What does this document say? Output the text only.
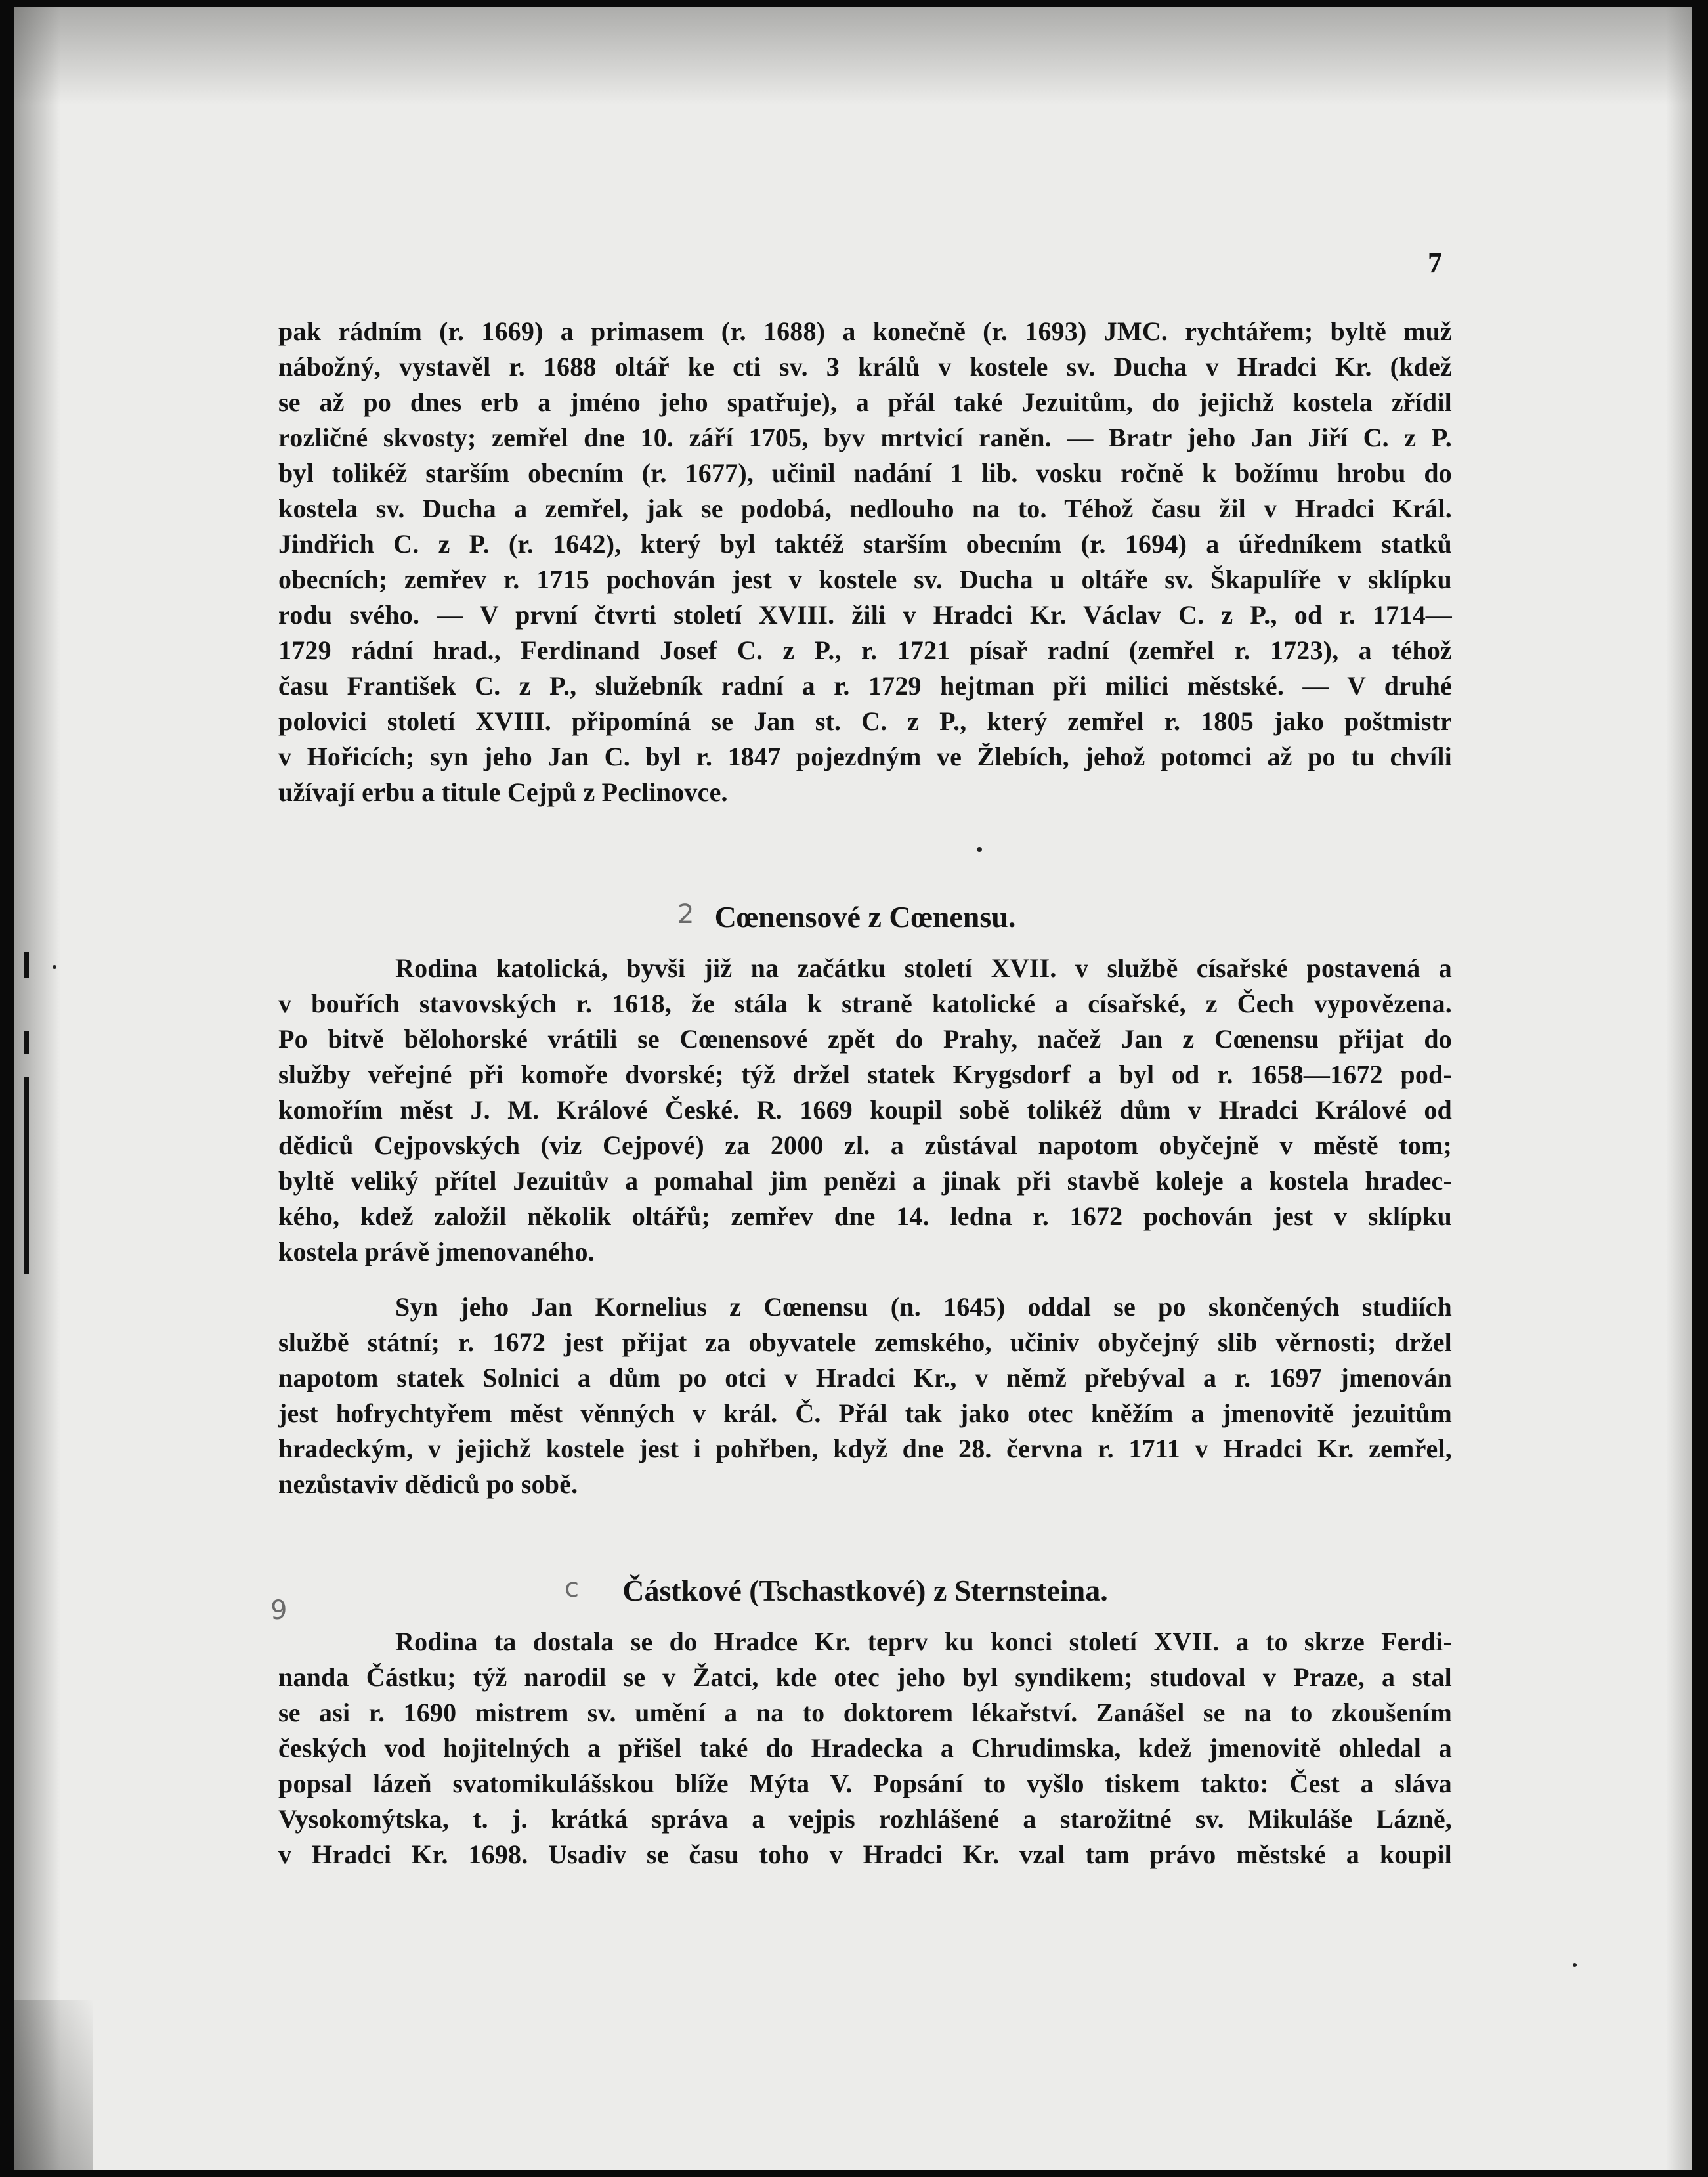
7
pak rádním (r. 1669) a primasem (r. 1688) a konečně (r. 1693) JMC. rychtářem; byltě muž
nábožný, vystavěl r. 1688 oltář ke cti sv. 3 králů v kostele sv. Ducha v Hradci Kr. (kdež
se až po dnes erb a jméno jeho spatřuje), a přál také Jezuitům, do jejichž kostela zřídil
rozličné skvosty; zemřel dne 10. září 1705, byv mrtvicí raněn. — Bratr jeho Jan Jiří C. z P.
byl tolikéž starším obecním (r. 1677), učinil nadání 1 lib. vosku ročně k božímu hrobu do
kostela sv. Ducha a zemřel, jak se podobá, nedlouho na to. Téhož času žil v Hradci Král.
Jindřich C. z P. (r. 1642), který byl taktéž starším obecním (r. 1694) a úředníkem statků
obecních; zemřev r. 1715 pochován jest v kostele sv. Ducha u oltáře sv. Škapulíře v sklípku
rodu svého. — V první čtvrti století XVIII. žili v Hradci Kr. Václav C. z P., od r. 1714—
1729 rádní hrad., Ferdinand Josef C. z P., r. 1721 písař radní (zemřel r. 1723), a téhož
času František C. z P., služebník radní a r. 1729 hejtman při milici městské. — V druhé
polovici století XVIII. připomíná se Jan st. C. z P., který zemřel r. 1805 jako poštmistr
v Hořicích; syn jeho Jan C. byl r. 1847 pojezdným ve Žlebích, jehož potomci až po tu chvíli
užívají erbu a titule Cejpů z Peclinovce.
2 Cœnensové z Cœnensu.
Rodina katolická, byvši již na začátku století XVII. v službě císařské postavená a
v bouřích stavovských r. 1618, že stála k straně katolické a císařské, z Čech vypovězena.
Po bitvě bělohorské vrátili se Cœnensové zpět do Prahy, načež Jan z Cœnensu přijat do
služby veřejné při komoře dvorské; týž držel statek Krygsdorf a byl od r. 1658—1672 pod-
komořím měst J. M. Králové České. R. 1669 koupil sobě tolikéž dům v Hradci Králové od
dědiců Cejpovských (viz Cejpové) za 2000 zl. a zůstával napotom obyčejně v městě tom;
byltě veliký přítel Jezuitův a pomahal jim penězi a jinak při stavbě koleje a kostela hradec-
kého, kdež založil několik oltářů; zemřev dne 14. ledna r. 1672 pochován jest v sklípku
kostela právě jmenovaného.
Syn jeho Jan Kornelius z Cœnensu (n. 1645) oddal se po skončených studiích
službě státní; r. 1672 jest přijat za obyvatele zemského, učiniv obyčejný slib věrnosti; držel
napotom statek Solnici a dům po otci v Hradci Kr., v němž přebýval a r. 1697 jmenován
jest hofrychtyřem měst věnných v král. Č. Přál tak jako otec kněžím a jmenovitě jezuitům
hradeckým, v jejichž kostele jest i pohřben, když dne 28. června r. 1711 v Hradci Kr. zemřel,
nezůstaviv dědiců po sobě.
9
c	Částkové (Tschastkové) z Sternsteina.
Rodina ta dostala se do Hradce Kr. teprv ku konci století XVII. a to skrze Ferdi-
nanda Částku; týž narodil se v Žatci, kde otec jeho byl syndikem; studoval v Praze, a stal
se asi r. 1690 mistrem sv. umění a na to doktorem lékařství. Zanášel se na to zkoušením
českých vod hojitelných a přišel také do Hradecka a Chrudimska, kdež jmenovitě ohledal a
popsal lázeň svatomikulášskou blíže Mýta V. Popsání to vyšlo tiskem takto: Čest a sláva
Vysokomýtska, t. j. krátká správa a vejpis rozhlášené a starožitné sv. Mikuláše Lázně,
v Hradci Kr. 1698. Usadiv se času toho v Hradci Kr. vzal tam právo městské a koupil
